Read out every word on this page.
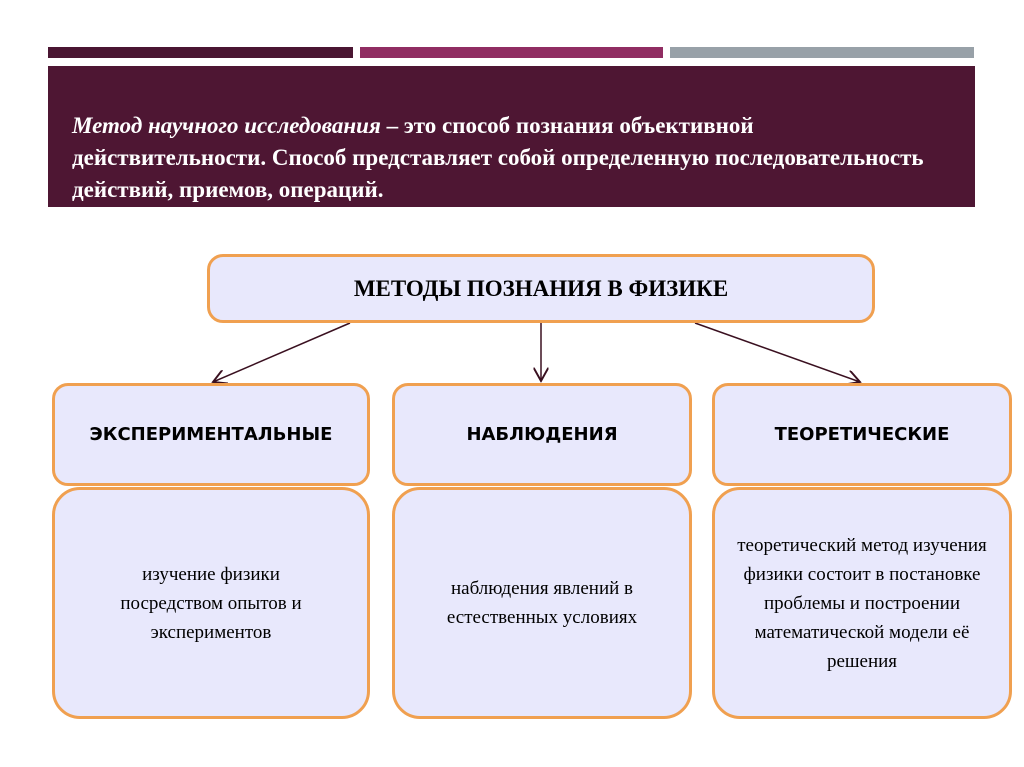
Метод научного исследования – это способ познания объективной действительности. Способ представляет собой определенную последовательность действий, приемов, операций.
МЕТОДЫ ПОЗНАНИЯ В ФИЗИКЕ
ЭКСПЕРИМЕНТАЛЬНЫЕ	НАБЛЮДЕНИЯ	ТЕОРЕТИЧЕСКИЕ
изучение физики посредством опытов и экспериментов
наблюдения явлений в естественных условиях
теоретический метод изучения физики состоит в постановке проблемы и построении математической модели её решения
